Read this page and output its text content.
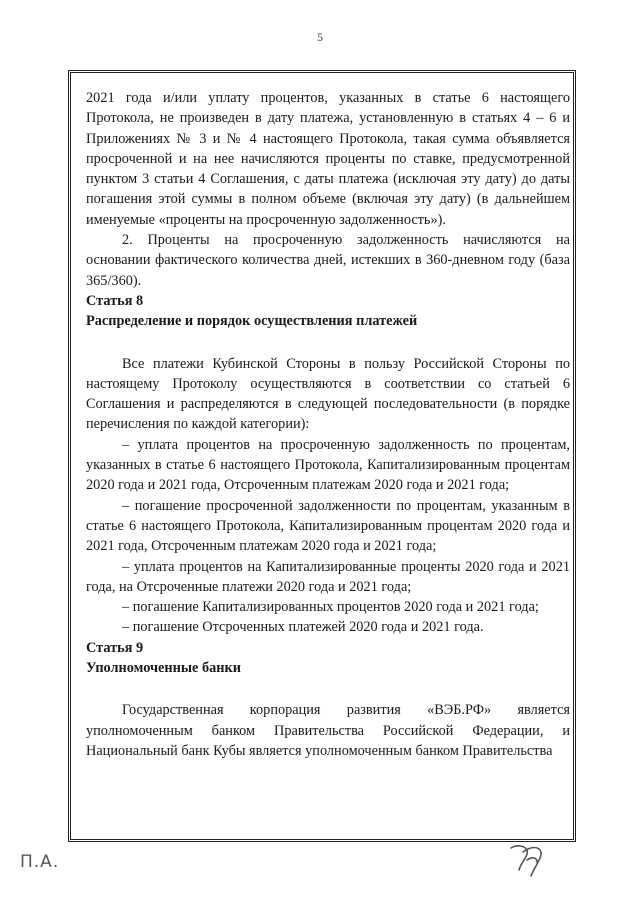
5

2021 года и/или уплату процентов, указанных в статье 6 настоящего Протокола, не произведен в дату платежа, установленную в статьях 4 – 6 и Приложениях № 3 и № 4 настоящего Протокола, такая сумма объявляется просроченной и на нее начисляются проценты по ставке, предусмотренной пунктом 3 статьи 4 Соглашения, с даты платежа (исключая эту дату) до даты погашения этой суммы в полном объеме (включая эту дату) (в дальнейшем именуемые «проценты на просроченную задолженность»).

2. Проценты на просроченную задолженность начисляются на основании фактического количества дней, истекших в 360-дневном году (база 365/360).

Статья 8

Распределение и порядок осуществления платежей

Все платежи Кубинской Стороны в пользу Российской Стороны по настоящему Протоколу осуществляются в соответствии со статьей 6 Соглашения и распределяются в следующей последовательности (в порядке перечисления по каждой категории):

– уплата процентов на просроченную задолженность по процентам, указанных в статье 6 настоящего Протокола, Капитализированным процентам 2020 года и 2021 года, Отсроченным платежам 2020 года и 2021 года;

– погашение просроченной задолженности по процентам, указанным в статье 6 настоящего Протокола, Капитализированным процентам 2020 года и 2021 года, Отсроченным платежам 2020 года и 2021 года;

– уплата процентов на Капитализированные проценты 2020 года и 2021 года, на Отсроченные платежи 2020 года и 2021 года;

– погашение Капитализированных процентов 2020 года и 2021 года;

– погашение Отсроченных платежей 2020 года и 2021 года.

Статья 9

Уполномоченные банки

Государственная корпорация развития «ВЭБ.РФ» является уполномоченным банком Правительства Российской Федерации, и Национальный банк Кубы является уполномоченным банком Правительства

П.А.
